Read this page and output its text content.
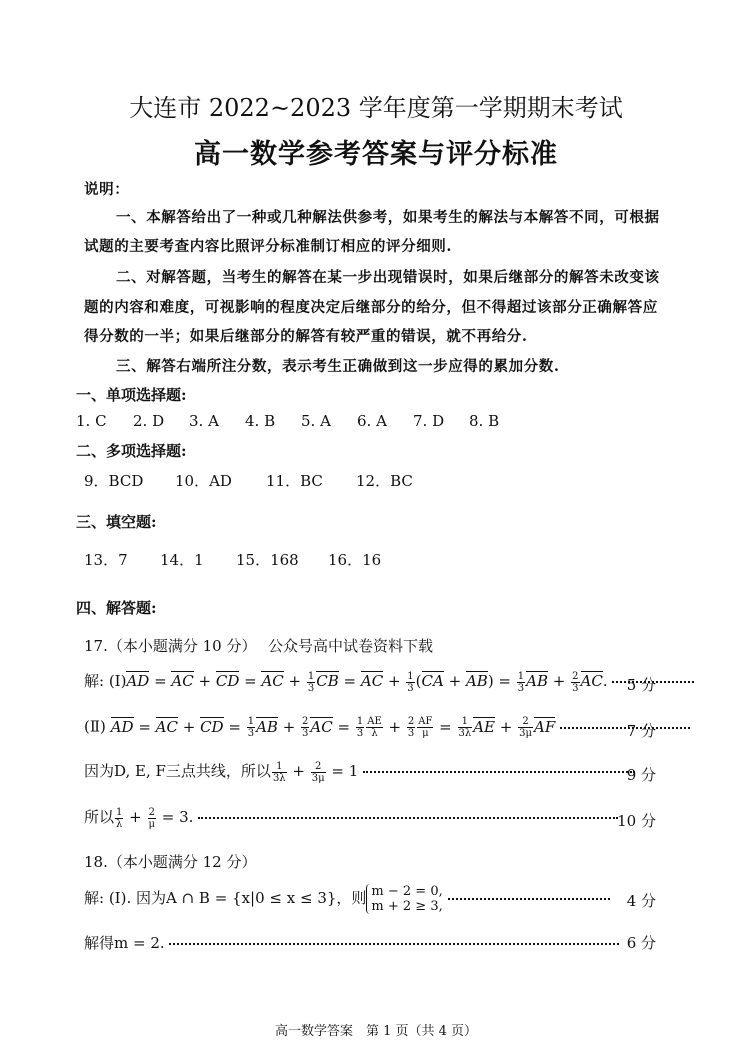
大连市 2022~2023 学年度第一学期期末考试
高一数学参考答案与评分标准
说明：
一、本解答给出了一种或几种解法供参考，如果考生的解法与本解答不同，可根据
试题的主要考查内容比照评分标准制订相应的评分细则.
二、对解答题，当考生的解答在某一步出现错误时，如果后继部分的解答未改变该
题的内容和难度，可视影响的程度决定后继部分的给分，但不得超过该部分正确解答应
得分数的一半；如果后继部分的解答有较严重的错误，就不再给分.
三、解答右端所注分数，表示考生正确做到这一步应得的累加分数.
一、单项选择题:
1. C 2. D 3. A 4. B 5. A 6. A 7. D 8. B
二、多项选择题:
9．BCD 10．AD 11．BC 12．BC
三、填空题:
13．7 14．1 15．168 16．16
四、解答题:
17.（本小题满分 10 分） 公众号高中试卷资料下载
解: (I)AD = AC + CD = AC + $\frac{1}{3}$ CB = AC + $\frac{1}{3} (CA + AB) = \frac{1}{3}$ AB + $\frac{2}{3}$ AC.	5 分
(Ⅱ) AD = AC + CD = $\frac{1}{3}$ AB + $\frac{2}{3}$ AC = $\frac{1}{3} \frac{AE}{\lambda} + \frac{2}{3} \frac{AF}{\mu} = \frac{1}{3\lambda}$ AE + $\frac{2}{3\mu}$ AF	7 分
因为D, E, F三点共线，所以 $\frac{1}{3\lambda} + \frac{2}{3\mu} = 1$	9 分
所以 $\frac{1}{\lambda} + \frac{2}{\mu} = 3$.	10 分
18.（本小题满分 12 分）
解: (Ⅰ). 因为A ∩ B = {x|0 ≤ x ≤ 3}，则 m − 2 = 0,
m + 2 ≥ 3,
	4 分
解得m = 2.	6 分
高一数学答案　第 1 页（共 4 页）
